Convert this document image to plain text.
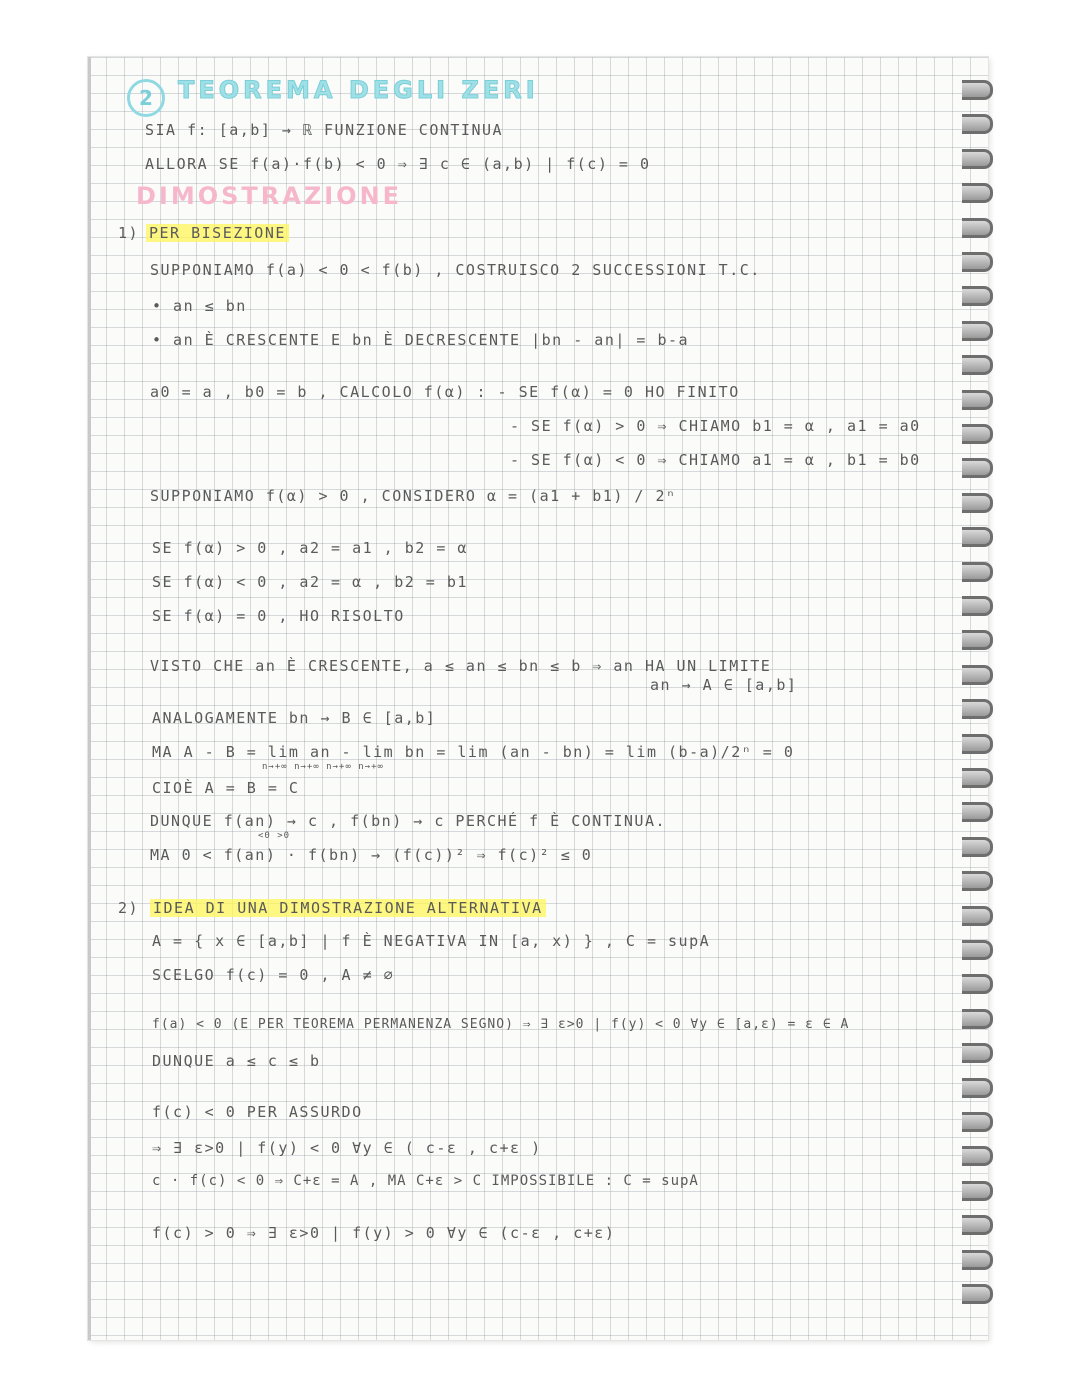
2	TEOREMA DEGLI ZERI
SIA f: [a,b] → ℝ FUNZIONE CONTINUA
ALLORA SE f(a)·f(b) < 0 ⇒ ∃ c ∈ (a,b) | f(c) = 0
DIMOSTRAZIONE
1) PER BISEZIONE
SUPPONIAMO f(a) < 0 < f(b) , COSTRUISCO 2 SUCCESSIONI T.C.
• an ≤ bn
• an È CRESCENTE E bn È DECRESCENTE |bn - an| = b-a
a0 = a , b0 = b , CALCOLO f(α) : - SE f(α) = 0 HO FINITO
- SE f(α) > 0 ⇒ CHIAMO b1 = α , a1 = a0
- SE f(α) < 0 ⇒ CHIAMO a1 = α , b1 = b0
SUPPONIAMO f(α) > 0 , CONSIDERO α = (a1 + b1) / 2ⁿ
SE f(α) > 0 , a2 = a1 , b2 = α
SE f(α) < 0 , a2 = α , b2 = b1
SE f(α) = 0 , HO RISOLTO
VISTO CHE an È CRESCENTE, a ≤ an ≤ bn ≤ b ⇒ an HA UN LIMITE
an → A ∈ [a,b]
ANALOGAMENTE bn → B ∈ [a,b]
MA A - B = lim an - lim bn = lim (an - bn) = lim (b-a)/2ⁿ = 0
n→+∞ n→+∞ n→+∞ n→+∞
CIOÈ A = B = C
DUNQUE f(an) → c , f(bn) → c PERCHÉ f È CONTINUA.
MA 0 < f(an) · f(bn) → (f(c))² ⇒ f(c)² ≤ 0
<0 >0
2) IDEA DI UNA DIMOSTRAZIONE ALTERNATIVA
A = { x ∈ [a,b] | f È NEGATIVA IN [a, x) } , C = supA
SCELGO f(c) = 0 , A ≠ ∅
f(a) < 0 (E PER TEOREMA PERMANENZA SEGNO) ⇒ ∃ ε>0 | f(y) < 0 ∀y ∈ [a,ε) = ε ∈ A
DUNQUE a ≤ c ≤ b
f(c) < 0 PER ASSURDO
⇒ ∃ ε>0 | f(y) < 0 ∀y ∈ ( c-ε , c+ε )
c · f(c) < 0 ⇒ C+ε = A , MA C+ε > C IMPOSSIBILE : C = supA
f(c) > 0 ⇒ ∃ ε>0 | f(y) > 0 ∀y ∈ (c-ε , c+ε)
